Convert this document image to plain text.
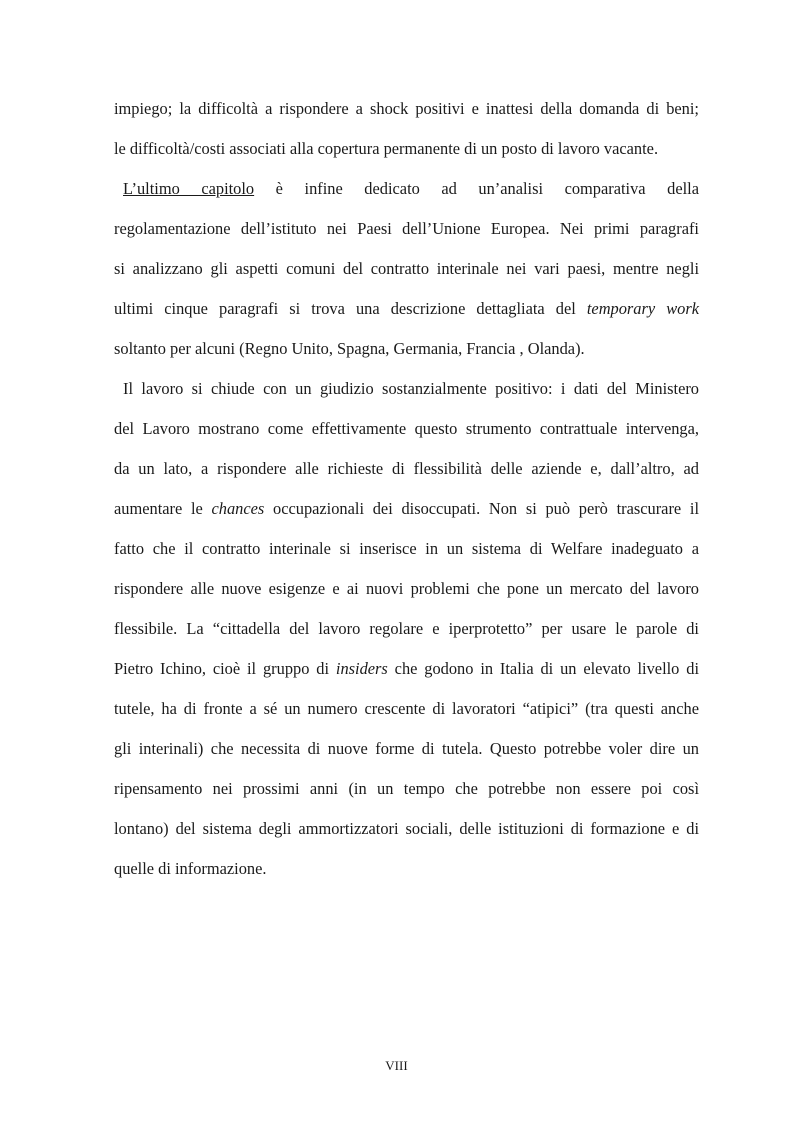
impiego; la difficoltà a rispondere a shock positivi e inattesi della domanda di beni;
le difficoltà/costi associati alla copertura permanente di un posto di lavoro vacante.
L’ultimo capitolo è infine dedicato ad un’analisi comparativa della
regolamentazione dell’istituto nei Paesi dell’Unione Europea. Nei primi paragrafi
si analizzano gli aspetti comuni del contratto interinale nei vari paesi, mentre negli
ultimi cinque paragrafi si trova una descrizione dettagliata del temporary work
soltanto per alcuni (Regno Unito, Spagna, Germania, Francia , Olanda).
Il lavoro si chiude con un giudizio sostanzialmente positivo: i dati del Ministero
del Lavoro mostrano come effettivamente questo strumento contrattuale intervenga,
da un lato, a rispondere alle richieste di flessibilità delle aziende e, dall’altro, ad
aumentare le chances occupazionali dei disoccupati. Non si può però trascurare il
fatto che il contratto interinale si inserisce in un sistema di Welfare inadeguato a
rispondere alle nuove esigenze e ai nuovi problemi che pone un mercato del lavoro
flessibile. La “cittadella del lavoro regolare e iperprotetto” per usare le parole di
Pietro Ichino, cioè il gruppo di insiders che godono in Italia di un elevato livello di
tutele, ha di fronte a sé un numero crescente di lavoratori “atipici” (tra questi anche
gli interinali) che necessita di nuove forme di tutela. Questo potrebbe voler dire un
ripensamento nei prossimi anni (in un tempo che potrebbe non essere poi così
lontano) del sistema degli ammortizzatori sociali, delle istituzioni di formazione e di
quelle di informazione.
VIII
